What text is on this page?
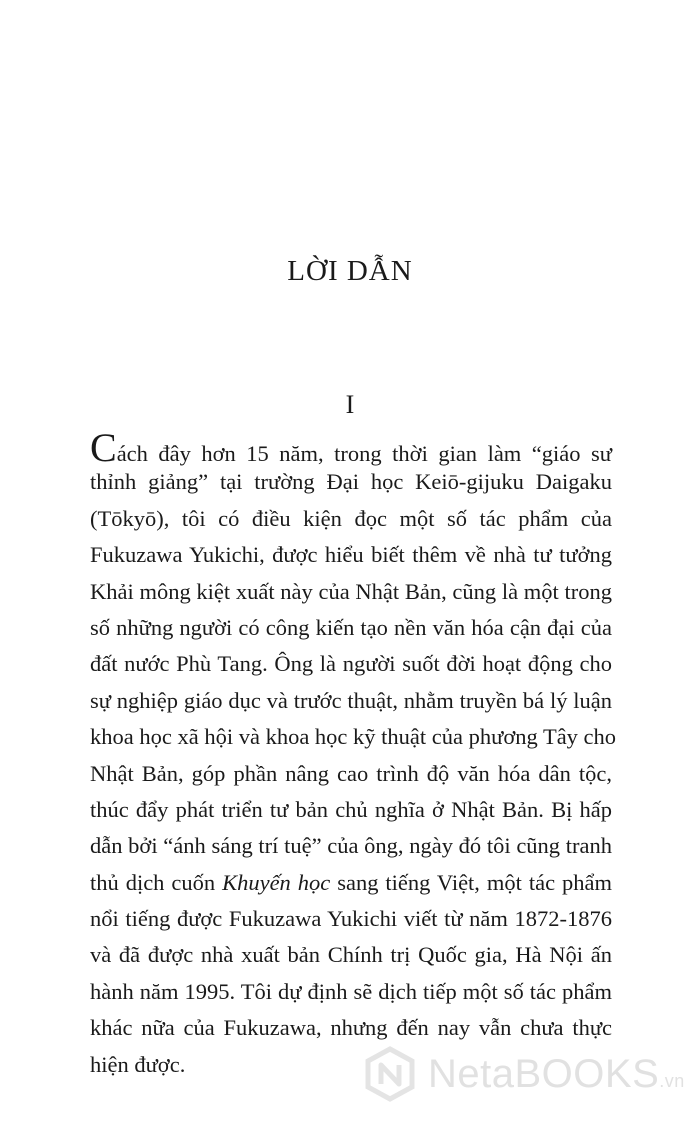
LỜI DẪN
I
Cách đây hơn 15 năm, trong thời gian làm “giáo sư
thỉnh giảng” tại trường Đại học Keiō-gijuku Daigaku
(Tōkyō), tôi có điều kiện đọc một số tác phẩm của
Fukuzawa Yukichi, được hiểu biết thêm về nhà tư tưởng
Khải mông kiệt xuất này của Nhật Bản, cũng là một trong
số những người có công kiến tạo nền văn hóa cận đại của
đất nước Phù Tang. Ông là người suốt đời hoạt động cho
sự nghiệp giáo dục và trước thuật, nhằm truyền bá lý luận
khoa học xã hội và khoa học kỹ thuật của phương Tây cho
Nhật Bản, góp phần nâng cao trình độ văn hóa dân tộc,
thúc đẩy phát triển tư bản chủ nghĩa ở Nhật Bản. Bị hấp
dẫn bởi “ánh sáng trí tuệ” của ông, ngày đó tôi cũng tranh
thủ dịch cuốn Khuyến học sang tiếng Việt, một tác phẩm
nổi tiếng được Fukuzawa Yukichi viết từ năm 1872-1876
và đã được nhà xuất bản Chính trị Quốc gia, Hà Nội ấn
hành năm 1995. Tôi dự định sẽ dịch tiếp một số tác phẩm
khác nữa của Fukuzawa, nhưng đến nay vẫn chưa thực
hiện được.	NetaBOOKS.vn
